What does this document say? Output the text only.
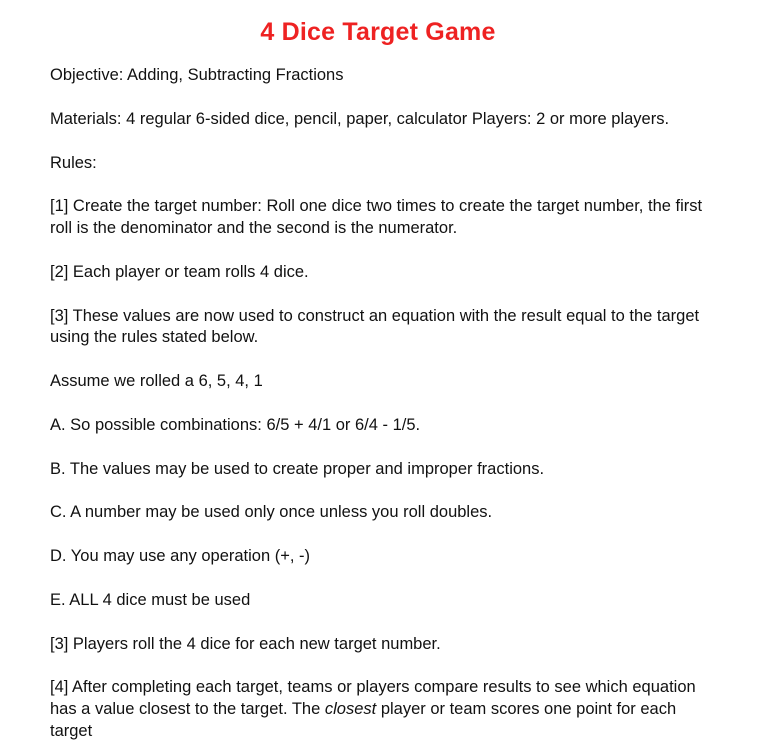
4 Dice Target Game

Objective: Adding, Subtracting Fractions

Materials: 4 regular 6-sided dice, pencil, paper, calculator Players: 2 or more players.

Rules:

[1] Create the target number: Roll one dice two times to create the target number, the first roll is the denominator and the second is the numerator.

[2] Each player or team rolls 4 dice.

[3] These values are now used to construct an equation with the result equal to the target using the rules stated below.

Assume we rolled a 6, 5, 4, 1

A. So possible combinations: 6/5 + 4/1 or 6/4 - 1/5.

B. The values may be used to create proper and improper fractions.

C. A number may be used only once unless you roll doubles.

D. You may use any operation (+, -)

E. ALL 4 dice must be used

[3] Players roll the 4 dice for each new target number.

[4] After completing each target, teams or players compare results to see which equation has a value closest to the target. The closest player or team scores one point for each target
